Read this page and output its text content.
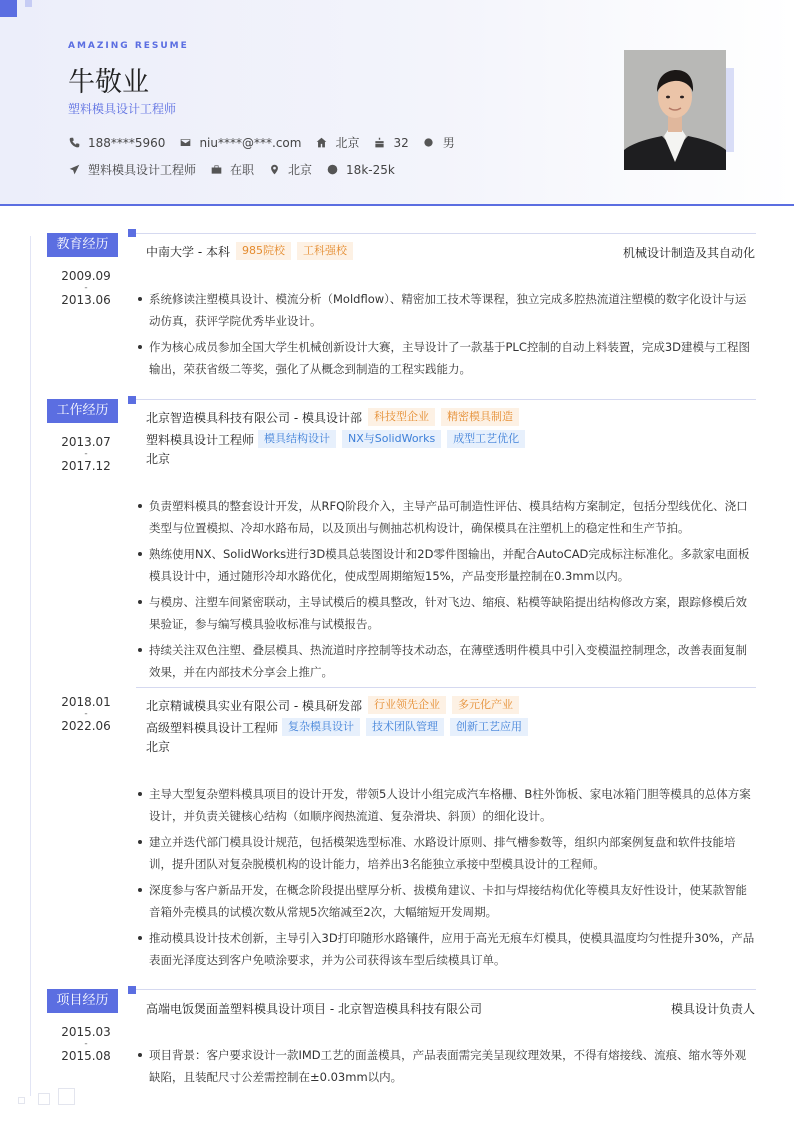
AMAZING RESUME
牛敬业
塑料模具设计工程师
188****5960	niu****@***.com	北京	32	男
塑料模具设计工程师	在职	北京	18k-25k
教育经历
2009.09
-
2013.06
中南大学 - 本科	985院校	工科强校	机械设计制造及其自动化
系统修读注塑模具设计、模流分析（Moldflow）、精密加工技术等课程，独立完成多腔热流道注塑模的数字化设计与运动仿真，获评学院优秀毕业设计。
作为核心成员参加全国大学生机械创新设计大赛，主导设计了一款基于PLC控制的自动上料装置，完成3D建模与工程图输出，荣获省级二等奖，强化了从概念到制造的工程实践能力。
工作经历
2013.07
-
2017.12
北京智造模具科技有限公司 - 模具设计部	科技型企业	精密模具制造
塑料模具设计工程师 模具结构设计	NX与SolidWorks	成型工艺优化
北京
负责塑料模具的整套设计开发，从RFQ阶段介入，主导产品可制造性评估、模具结构方案制定，包括分型线优化、浇口类型与位置模拟、冷却水路布局，以及顶出与侧抽芯机构设计，确保模具在注塑机上的稳定性和生产节拍。
熟练使用NX、SolidWorks进行3D模具总装图设计和2D零件图输出，并配合AutoCAD完成标注标准化。多款家电面板模具设计中，通过随形冷却水路优化，使成型周期缩短15%，产品变形量控制在0.3mm以内。
与模房、注塑车间紧密联动，主导试模后的模具整改，针对飞边、缩痕、粘模等缺陷提出结构修改方案，跟踪修模后效果验证，参与编写模具验收标准与试模报告。
持续关注双色注塑、叠层模具、热流道时序控制等技术动态，在薄壁透明件模具中引入变模温控制理念，改善表面复制效果，并在内部技术分享会上推广。
2018.01
-
2022.06
北京精诚模具实业有限公司 - 模具研发部	行业领先企业	多元化产业
高级塑料模具设计工程师 复杂模具设计	技术团队管理	创新工艺应用
北京
主导大型复杂塑料模具项目的设计开发，带领5人设计小组完成汽车格栅、B柱外饰板、家电冰箱门胆等模具的总体方案设计，并负责关键核心结构（如顺序阀热流道、复杂滑块、斜顶）的细化设计。
建立并迭代部门模具设计规范，包括模架选型标准、水路设计原则、排气槽参数等，组织内部案例复盘和软件技能培训，提升团队对复杂脱模机构的设计能力，培养出3名能独立承接中型模具设计的工程师。
深度参与客户新品开发，在概念阶段提出壁厚分析、拔模角建议、卡扣与焊接结构优化等模具友好性设计，使某款智能音箱外壳模具的试模次数从常规5次缩减至2次，大幅缩短开发周期。
推动模具设计技术创新，主导引入3D打印随形水路镶件，应用于高光无痕车灯模具，使模具温度均匀性提升30%，产品表面光泽度达到客户免喷涂要求，并为公司获得该车型后续模具订单。
项目经历
2015.03
-
2015.08
高端电饭煲面盖塑料模具设计项目 - 北京智造模具科技有限公司	模具设计负责人
项目背景：客户要求设计一款IMD工艺的面盖模具，产品表面需完美呈现纹理效果，不得有熔接线、流痕、缩水等外观缺陷，且装配尺寸公差需控制在±0.03mm以内。
